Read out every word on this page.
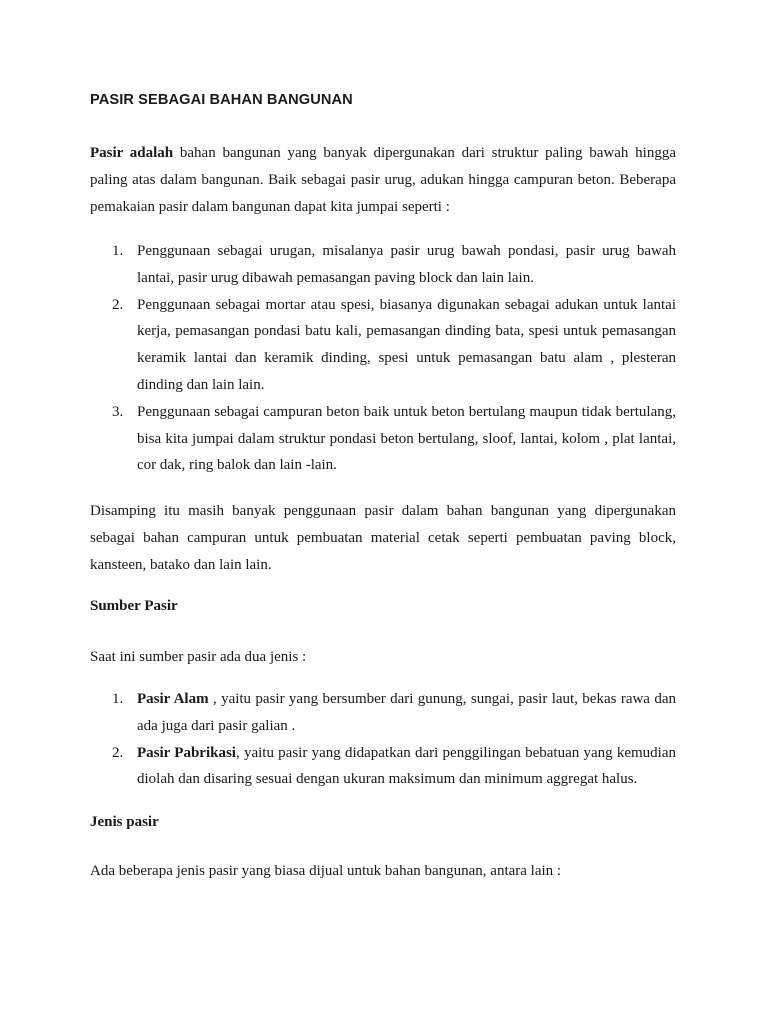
PASIR SEBAGAI BAHAN BANGUNAN

Pasir adalah bahan bangunan yang banyak dipergunakan dari struktur paling bawah hingga paling atas dalam bangunan. Baik sebagai pasir urug, adukan hingga campuran beton. Beberapa pemakaian pasir dalam bangunan dapat kita jumpai seperti :

1. Penggunaan sebagai urugan, misalanya pasir urug bawah pondasi, pasir urug bawah lantai, pasir urug dibawah pemasangan paving block dan lain lain.
2. Penggunaan sebagai mortar atau spesi, biasanya digunakan sebagai adukan untuk lantai kerja, pemasangan pondasi batu kali, pemasangan dinding bata, spesi untuk pemasangan keramik lantai dan keramik dinding, spesi untuk pemasangan batu alam , plesteran dinding dan lain lain.
3. Penggunaan sebagai campuran beton baik untuk beton bertulang maupun tidak bertulang, bisa kita jumpai dalam struktur pondasi beton bertulang, sloof, lantai, kolom , plat lantai, cor dak, ring balok dan lain -lain.

Disamping itu masih banyak penggunaan pasir dalam bahan bangunan yang dipergunakan sebagai bahan campuran untuk pembuatan material cetak seperti pembuatan paving block, kansteen, batako dan lain lain.

Sumber Pasir

Saat ini sumber pasir ada dua jenis :

1. Pasir Alam , yaitu pasir yang bersumber dari gunung, sungai, pasir laut, bekas rawa dan ada juga dari pasir galian .
2. Pasir Pabrikasi, yaitu pasir yang didapatkan dari penggilingan bebatuan yang kemudian diolah dan disaring sesuai dengan ukuran maksimum dan minimum aggregat halus.
Jenis pasir

Ada beberapa jenis pasir yang biasa dijual untuk bahan bangunan, antara lain :
